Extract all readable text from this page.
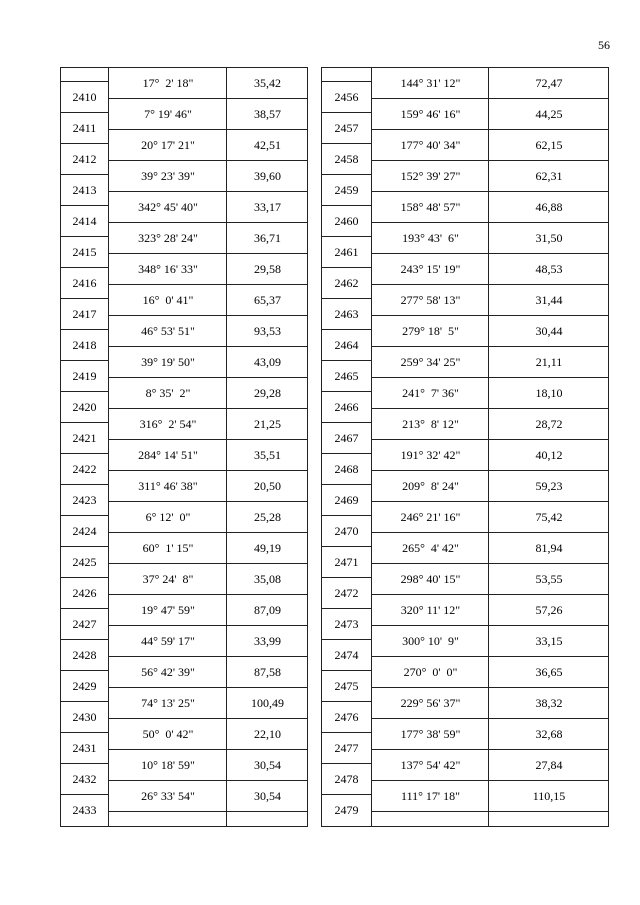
56
2410
2411
2412
2413
2414
2415
2416
2417
2418
2419
2420
2421
2422
2423
2424
2425
2426
2427
2428
2429
2430
2431
2432
2433
17°  2' 18"
7° 19' 46"
20° 17' 21"
39° 23' 39"
342° 45' 40"
323° 28' 24"
348° 16' 33"
16°  0' 41"
46° 53' 51"
39° 19' 50"
8° 35'  2"
316°  2' 54"
284° 14' 51"
311° 46' 38"
6° 12'  0"
60°  1' 15"
37° 24'  8"
19° 47' 59"
44° 59' 17"
56° 42' 39"
74° 13' 25"
50°  0' 42"
10° 18' 59"
26° 33' 54"
35,42
38,57
42,51
39,60
33,17
36,71
29,58
65,37
93,53
43,09
29,28
21,25
35,51
20,50
25,28
49,19
35,08
87,09
33,99
87,58
100,49
22,10
30,54
30,54
2456
2457
2458
2459
2460
2461
2462
2463
2464
2465
2466
2467
2468
2469
2470
2471
2472
2473
2474
2475
2476
2477
2478
2479
144° 31' 12"
159° 46' 16"
177° 40' 34"
152° 39' 27"
158° 48' 57"
193° 43'  6"
243° 15' 19"
277° 58' 13"
279° 18'  5"
259° 34' 25"
241°  7' 36"
213°  8' 12"
191° 32' 42"
209°  8' 24"
246° 21' 16"
265°  4' 42"
298° 40' 15"
320° 11' 12"
300° 10'  9"
270°  0'  0"
229° 56' 37"
177° 38' 59"
137° 54' 42"
111° 17' 18"
72,47
44,25
62,15
62,31
46,88
31,50
48,53
31,44
30,44
21,11
18,10
28,72
40,12
59,23
75,42
81,94
53,55
57,26
33,15
36,65
38,32
32,68
27,84
110,15
